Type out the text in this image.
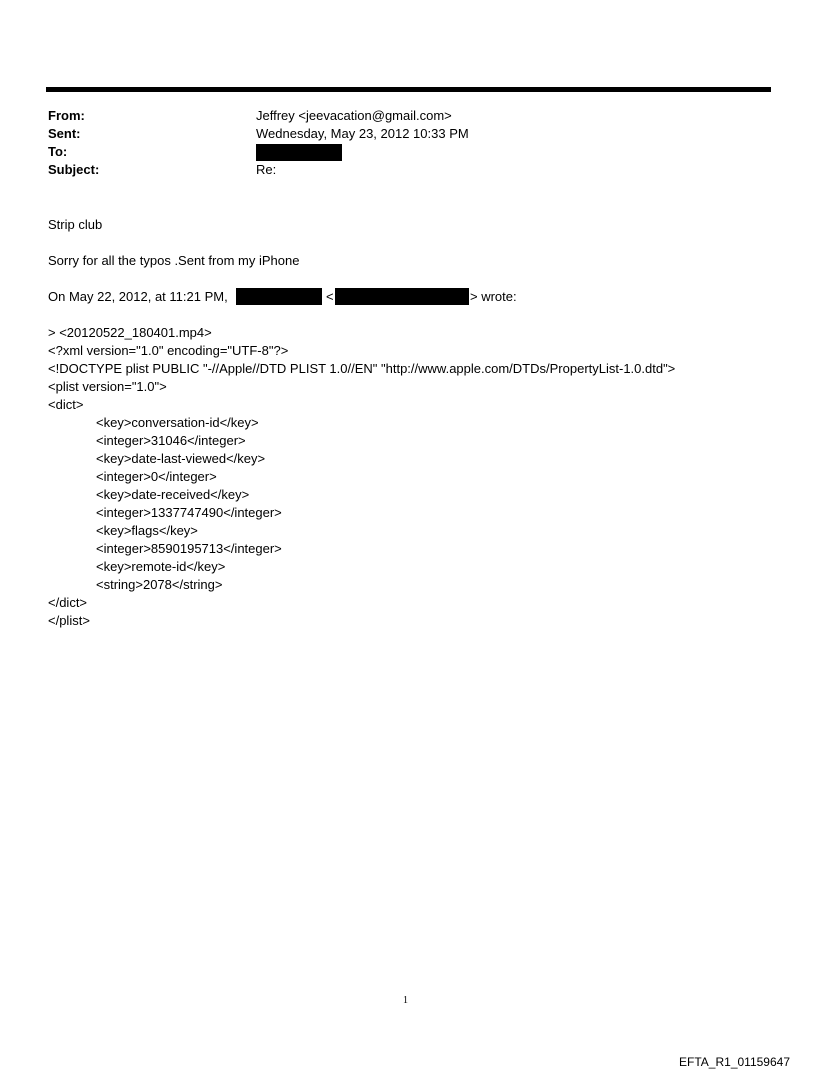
From:	Jeffrey <jeevacation@gmail.com>
Sent:	Wednesday, May 23, 2012 10:33 PM
To:
Subject:	Re:
Strip club
Sorry for all the typos .Sent from my iPhone
On May 22, 2012, at 11:21 PM,	<	> wrote:
> <20120522_180401.mp4>
<?xml version="1.0" encoding="UTF-8"?>
<!DOCTYPE plist PUBLIC "-//Apple//DTD PLIST 1.0//EN" "http://www.apple.com/DTDs/PropertyList-1.0.dtd">
<plist version="1.0">
<dict>
<key>conversation-id</key>
<integer>31046</integer>
<key>date-last-viewed</key>
<integer>0</integer>
<key>date-received</key>
<integer>1337747490</integer>
<key>flags</key>
<integer>8590195713</integer>
<key>remote-id</key>
<string>2078</string>
</dict>
</plist>
1
EFTA_R1_01159647
